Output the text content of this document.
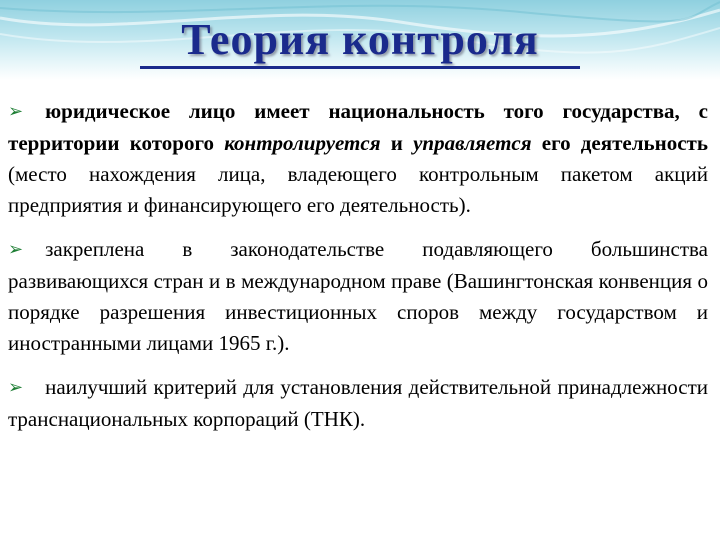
Теория контроля
➢ юридическое лицо имеет национальность того государства, с территории которого контролируется и управляется его деятельность (место нахождения лица, владеющего контрольным пакетом акций предприятия и финансирующего его деятельность).
➢ закреплена в законодательстве подавляющего большинства развивающихся стран и в международном праве (Вашингтонская конвенция о порядке разрешения инвестиционных споров между государством и иностранными лицами 1965 г.).
➢ наилучший критерий для установления действительной принадлежности транснациональных корпораций (ТНК).
